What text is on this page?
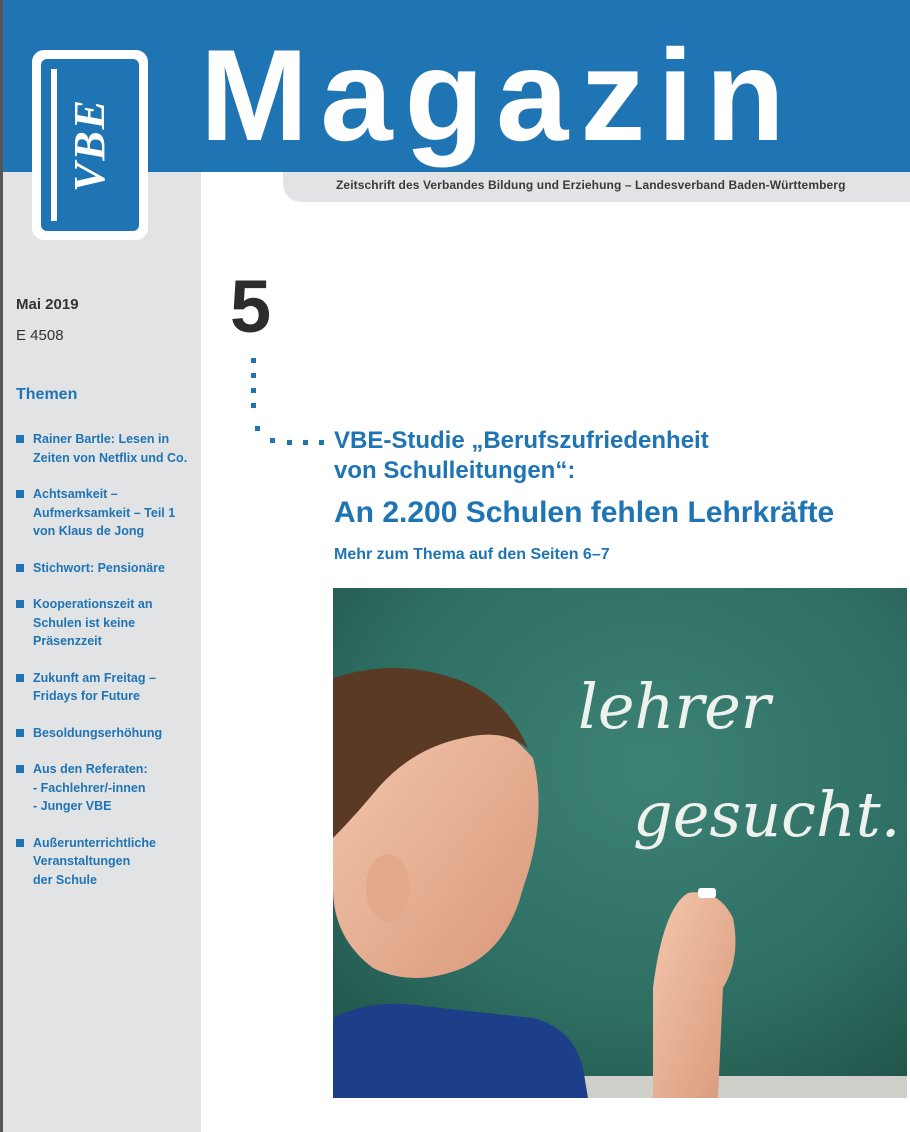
Zeitschrift des Verbandes Bildung und Erziehung – Landesverband Baden-Württemberg
VBE Magazin
Mai 2019
E 4508
Themen
Rainer Bartle: Lesen in
Zeiten von Netflix und Co.
Achtsamkeit –
Aufmerksamkeit – Teil 1
von Klaus de Jong
Stichwort: Pensionäre
Kooperationszeit an
Schulen ist keine
Präsenzzeit
Zukunft am Freitag –
Fridays for Future
Besoldungserhöhung
Aus den Referaten:
- Fachlehrer/-innen
- Junger VBE
Außerunterrichtliche
Veranstaltungen
der Schule
5
VBE-Studie „Berufszufriedenheit
von Schulleitungen“:
An 2.200 Schulen fehlen Lehrkräfte
Mehr zum Thema auf den Seiten 6–7
lehrer
gesucht.
